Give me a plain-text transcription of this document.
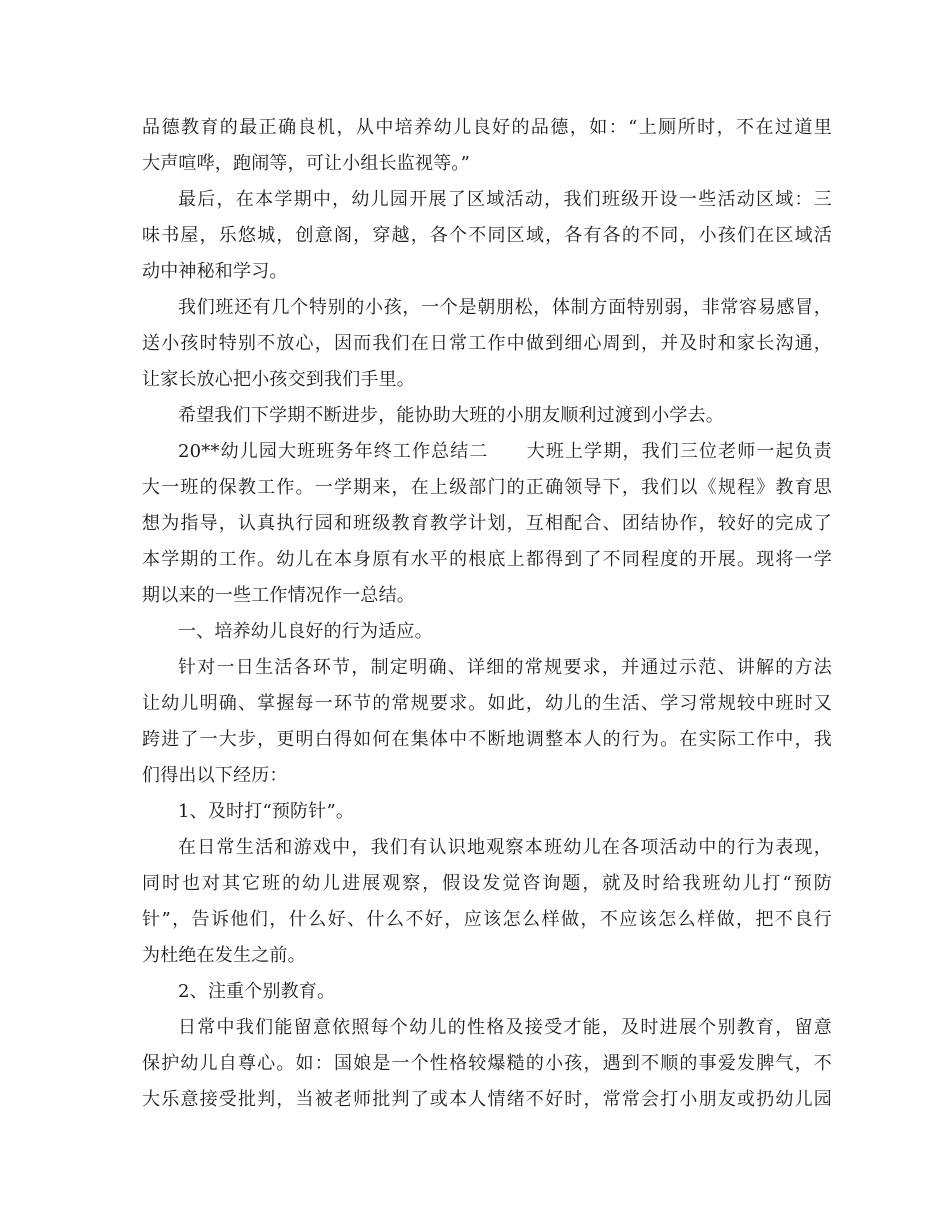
品德教育的最正确良机，从中培养幼儿良好的品德，如：“上厕所时，不在过道里
大声喧哗，跑闹等，可让小组长监视等。”
最后，在本学期中，幼儿园开展了区域活动，我们班级开设一些活动区域：三
味书屋，乐悠城，创意阁，穿越，各个不同区域，各有各的不同，小孩们在区域活
动中神秘和学习。
我们班还有几个特别的小孩，一个是朝朋松，体制方面特别弱，非常容易感冒，
送小孩时特别不放心，因而我们在日常工作中做到细心周到，并及时和家长沟通，
让家长放心把小孩交到我们手里。
希望我们下学期不断进步，能协助大班的小朋友顺利过渡到小学去。
20**幼儿园大班班务年终工作总结二　　大班上学期，我们三位老师一起负责
大一班的保教工作。一学期来，在上级部门的正确领导下，我们以《规程》教育思
想为指导，认真执行园和班级教育教学计划，互相配合、团结协作，较好的完成了
本学期的工作。幼儿在本身原有水平的根底上都得到了不同程度的开展。现将一学
期以来的一些工作情况作一总结。
一、培养幼儿良好的行为适应。
针对一日生活各环节，制定明确、详细的常规要求，并通过示范、讲解的方法
让幼儿明确、掌握每一环节的常规要求。如此，幼儿的生活、学习常规较中班时又
跨进了一大步，更明白得如何在集体中不断地调整本人的行为。在实际工作中，我
们得出以下经历：
1、及时打“预防针”。
在日常生活和游戏中，我们有认识地观察本班幼儿在各项活动中的行为表现，
同时也对其它班的幼儿进展观察，假设发觉咨询题，就及时给我班幼儿打“预防
针”，告诉他们，什么好、什么不好，应该怎么样做，不应该怎么样做，把不良行
为杜绝在发生之前。
2、注重个别教育。
日常中我们能留意依照每个幼儿的性格及接受才能，及时进展个别教育，留意
保护幼儿自尊心。如：国娘是一个性格较爆糙的小孩，遇到不顺的事爱发脾气，不
大乐意接受批判，当被老师批判了或本人情绪不好时，常常会打小朋友或扔幼儿园
